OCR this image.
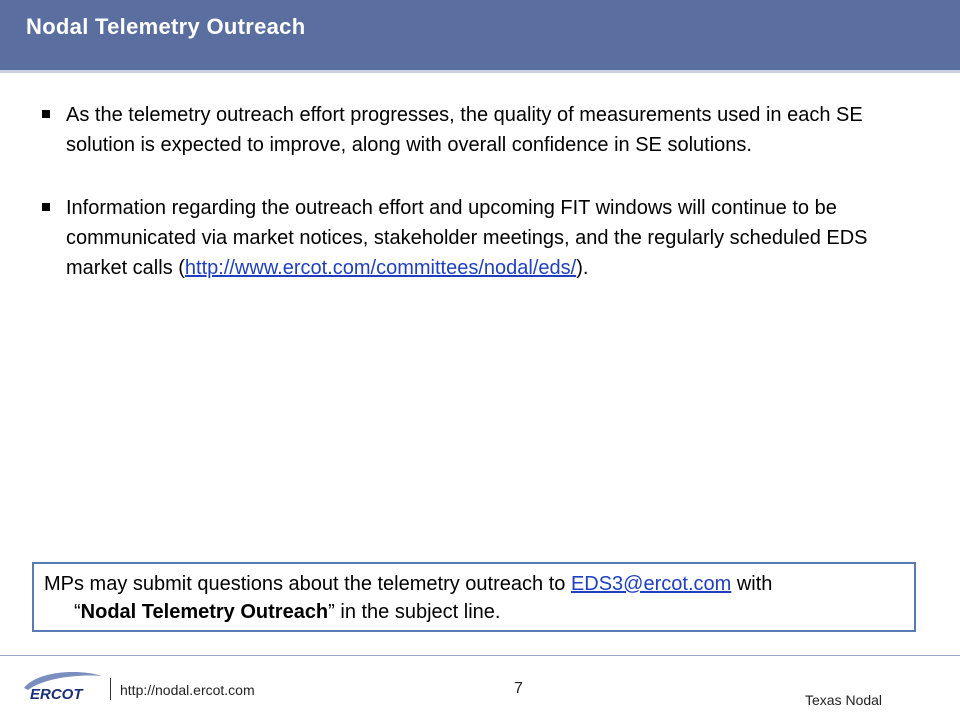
Nodal Telemetry Outreach
As the telemetry outreach effort progresses, the quality of measurements used in each SE solution is expected to improve, along with overall confidence in SE solutions.
Information regarding the outreach effort and upcoming FIT windows will continue to be communicated via market notices, stakeholder meetings, and the regularly scheduled EDS market calls (http://www.ercot.com/committees/nodal/eds/).
MPs may submit questions about the telemetry outreach to EDS3@ercot.com with
“Nodal Telemetry Outreach” in the subject line.
ERCOT	http://nodal.ercot.com	7
Texas Nodal
